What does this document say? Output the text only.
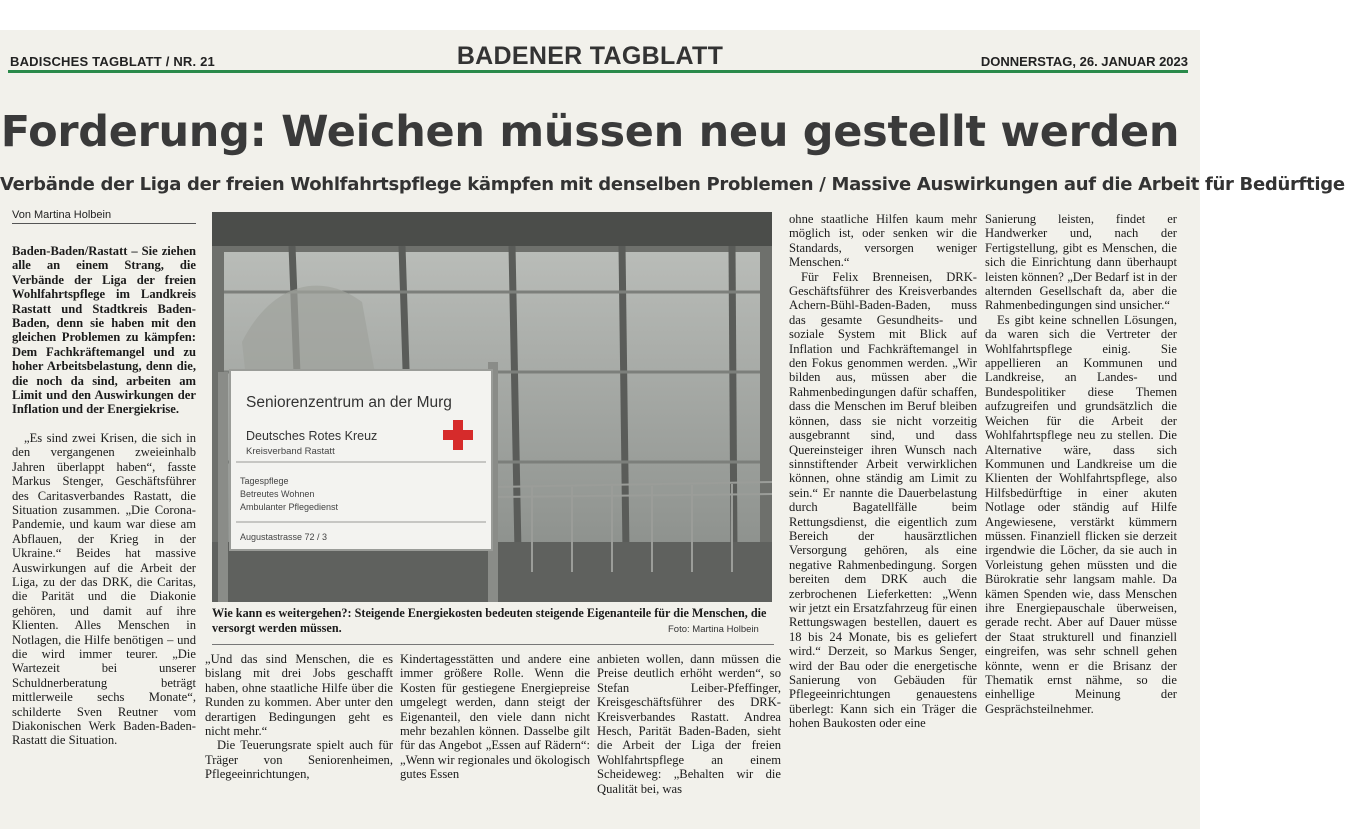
BADISCHES TAGBLATT / NR. 21	BADENER TAGBLATT	DONNERSTAG, 26. JANUAR 2023
Forderung: Weichen müssen neu gestellt werden
Verbände der Liga der freien Wohlfahrtspflege kämpfen mit denselben Problemen / Massive Auswirkungen auf die Arbeit für Bedürftige
Von Martina Holbein

Baden-Baden/Rastatt – Sie ziehen alle an einem Strang, die Verbände der Liga der freien Wohlfahrtspflege im Landkreis Rastatt und Stadtkreis Baden-Baden, denn sie haben mit den gleichen Problemen zu kämpfen: Dem Fachkräftemangel und zu hoher Arbeitsbelastung, denn die, die noch da sind, arbeiten am Limit und den Auswirkungen der Inflation und der Energiekrise.

„Es sind zwei Krisen, die sich in den vergangenen zweieinhalb Jahren überlappt haben“, fasste Markus Stenger, Geschäftsführer des Caritasverbandes Rastatt, die Situation zusammen. „Die Corona-Pandemie, und kaum war diese am Abflauen, der Krieg in der Ukraine.“ Beides hat massive Auswirkungen auf die Arbeit der Liga, zu der das DRK, die Caritas, die Parität und die Diakonie gehören, und damit auf ihre Klienten. Alles Menschen in Notlagen, die Hilfe benötigen – und die wird immer teurer. „Die Wartezeit bei unserer Schuldnerberatung beträgt mittlerweile sechs Monate“, schilderte Sven Reutner vom Diakonischen Werk Baden-Baden-Rastatt die Situation.

Seniorenzentrum an der Murg
Deutsches Rotes Kreuz
Kreisverband Rastatt
Tagespflege
Betreutes Wohnen
Ambulanter Pflegedienst
Augustastrasse 72 / 3
Wie kann es weitergehen?: Steigende Energiekosten bedeuten steigende Eigenanteile für die Menschen, die versorgt werden müssen.	Foto: Martina Holbein

„Und das sind Menschen, die es bislang mit drei Jobs geschafft haben, ohne staatliche Hilfe über die Runden zu kommen. Aber unter den derartigen Bedingungen geht es nicht mehr.“

Die Teuerungsrate spielt auch für Träger von Seniorenheimen, Pflegeeinrichtungen,

Kindertagesstätten und andere eine immer größere Rolle. Wenn die Kosten für gestiegene Energiepreise umgelegt werden, dann steigt der Eigenanteil, den viele dann nicht mehr bezahlen können. Dasselbe gilt für das Angebot „Essen auf Rädern“: „Wenn wir regionales und ökologisch gutes Essen

anbieten wollen, dann müssen die Preise deutlich erhöht werden“, so Stefan Leiber-Pfeffinger, Kreisgeschäftsführer des DRK-Kreisverbandes Rastatt. Andrea Hesch, Parität Baden-Baden, sieht die Arbeit der Liga der freien Wohlfahrtspflege an einem Scheideweg: „Behalten wir die Qualität bei, was

ohne staatliche Hilfen kaum mehr möglich ist, oder senken wir die Standards, versorgen weniger Menschen.“

Für Felix Brenneisen, DRK-Geschäftsführer des Kreisverbandes Achern-Bühl-Baden-Baden, muss das gesamte Gesundheits- und soziale System mit Blick auf Inflation und Fachkräftemangel in den Fokus genommen werden. „Wir bilden aus, müssen aber die Rahmenbedingungen dafür schaffen, dass die Menschen im Beruf bleiben können, dass sie nicht vorzeitig ausgebrannt sind, und dass Quereinsteiger ihren Wunsch nach sinnstiftender Arbeit verwirklichen können, ohne ständig am Limit zu sein.“ Er nannte die Dauerbelastung durch Bagatellfälle beim Rettungsdienst, die eigentlich zum Bereich der hausärztlichen Versorgung gehören, als eine negative Rahmenbedingung. Sorgen bereiten dem DRK auch die zerbrochenen Lieferketten: „Wenn wir jetzt ein Ersatzfahrzeug für einen Rettungswagen bestellen, dauert es 18 bis 24 Monate, bis es geliefert wird.“ Derzeit, so Markus Senger, wird der Bau oder die energetische Sanierung von Gebäuden für Pflegeeinrichtungen genauestens überlegt: Kann sich ein Träger die hohen Baukosten oder eine

Sanierung leisten, findet er Handwerker und, nach der Fertigstellung, gibt es Menschen, die sich die Einrichtung dann überhaupt leisten können? „Der Bedarf ist in der alternden Gesellschaft da, aber die Rahmenbedingungen sind unsicher.“

Es gibt keine schnellen Lösungen, da waren sich die Vertreter der Wohlfahrtspflege einig. Sie appellieren an Kommunen und Landkreise, an Landes- und Bundespolitiker diese Themen aufzugreifen und grundsätzlich die Weichen für die Arbeit der Wohlfahrtspflege neu zu stellen. Die Alternative wäre, dass sich Kommunen und Landkreise um die Klienten der Wohlfahrtspflege, also Hilfsbedürftige in einer akuten Notlage oder ständig auf Hilfe Angewiesene, verstärkt kümmern müssen. Finanziell flicken sie derzeit irgendwie die Löcher, da sie auch in Vorleistung gehen müssten und die Bürokratie sehr langsam mahle. Da kämen Spenden wie, dass Menschen ihre Energiepauschale überweisen, gerade recht. Aber auf Dauer müsse der Staat strukturell und finanziell eingreifen, was sehr schnell gehen könnte, wenn er die Brisanz der Thematik ernst nähme, so die einhellige Meinung der Gesprächsteilnehmer.
